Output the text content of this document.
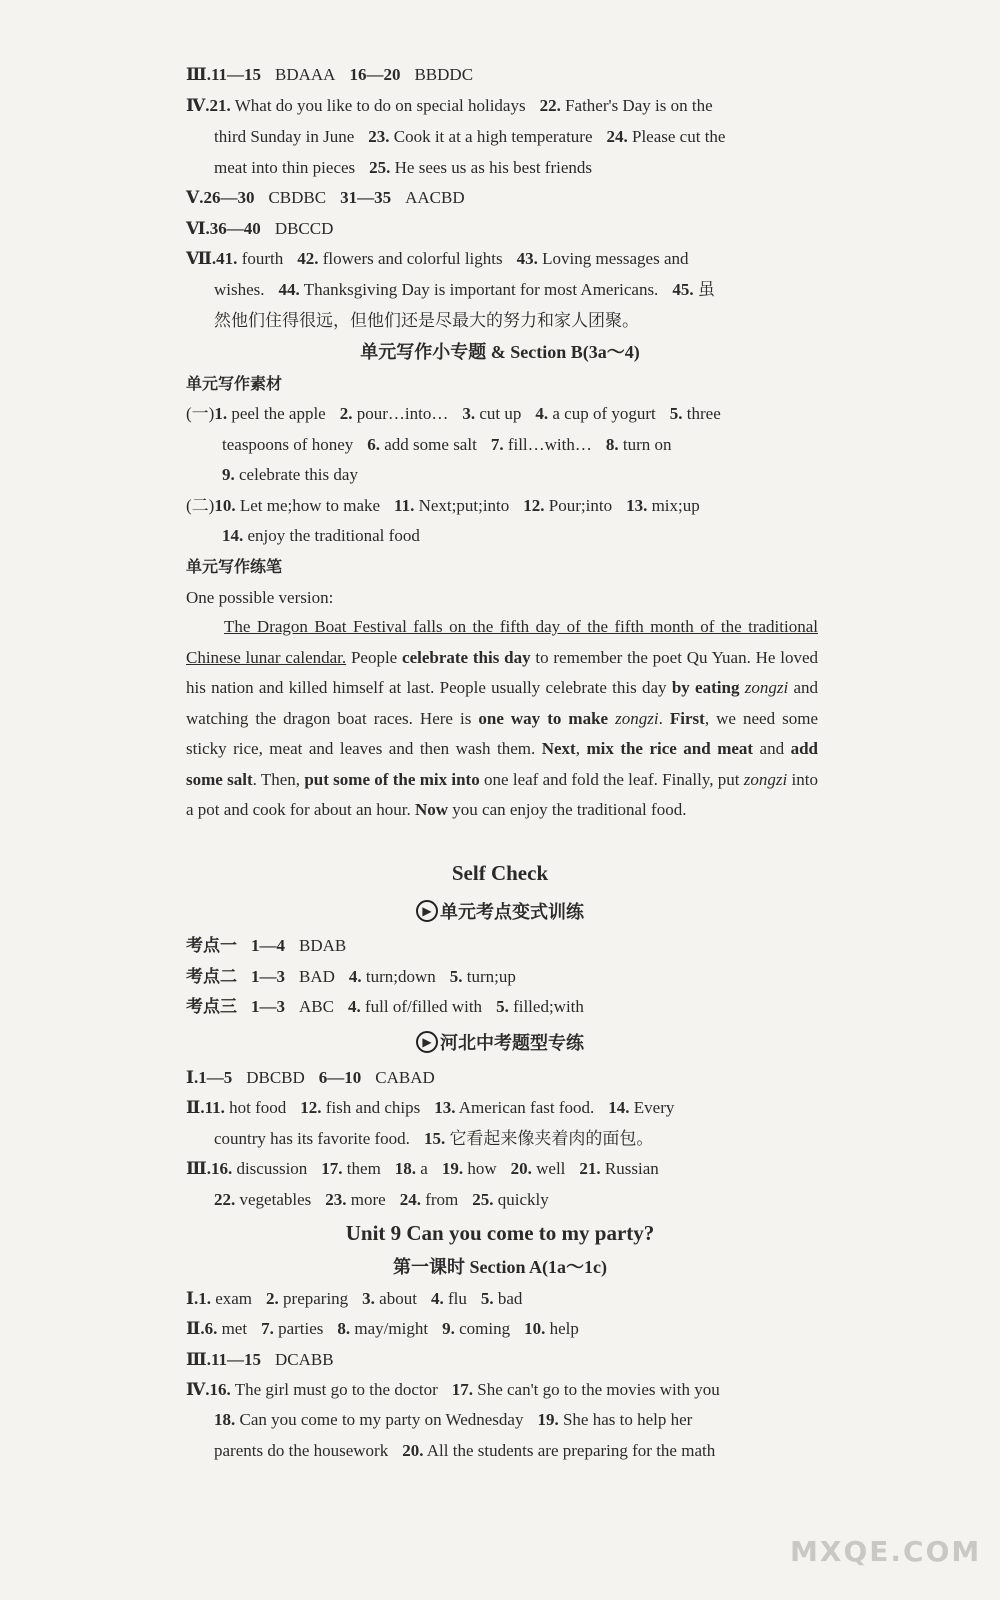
Ⅲ.11—15 BDAAA 16—20 BBDDC
Ⅳ.21. What do you like to do on special holidays 22. Father's Day is on the
third Sunday in June 23. Cook it at a high temperature 24. Please cut the
meat into thin pieces 25. He sees us as his best friends
Ⅴ.26—30 CBDBC 31—35 AACBD
Ⅵ.36—40 DBCCD
Ⅶ.41. fourth 42. flowers and colorful lights 43. Loving messages and
wishes. 44. Thanksgiving Day is important for most Americans. 45. 虽
然他们住得很远，但他们还是尽最大的努力和家人团聚。
(一)1. peel the apple 2. pour…into… 3. cut up 4. a cup of yogurt 5. three
teaspoons of honey 6. add some salt 7. fill…with… 8. turn on
9. celebrate this day
(二)10. Let me;how to make 11. Next;put;into 12. Pour;into 13. mix;up
14. enjoy the traditional food
One possible version:
考点一 1—4 BDAB
考点二 1—3 BAD 4. turn;down 5. turn;up
考点三 1—3 ABC 4. full of/filled with 5. filled;with
Ⅰ.1—5 DBCBD 6—10 CABAD
Ⅱ.11. hot food 12. fish and chips 13. American fast food. 14. Every
country has its favorite food. 15. 它看起来像夹着肉的面包。
Ⅲ.16. discussion 17. them 18. a 19. how 20. well 21. Russian
22. vegetables 23. more 24. from 25. quickly
Ⅰ.1. exam 2. preparing 3. about 4. flu 5. bad
Ⅱ.6. met 7. parties 8. may/might 9. coming 10. help
Ⅲ.11—15 DCABB
Ⅳ.16. The girl must go to the doctor 17. She can't go to the movies with you
18. Can you come to my party on Wednesday 19. She has to help her
parents do the housework 20. All the students are preparing for the math
单元写作小专题 & Section B(3a～4)
单元写作素材
单元写作练笔
The Dragon Boat Festival falls on the fifth day of the fifth month of the traditional Chinese lunar calendar. People celebrate this day to remember the poet Qu Yuan. He loved his nation and killed himself at last. People usually celebrate this day by eating zongzi and watching the dragon boat races. Here is one way to make zongzi. First, we need some sticky rice, meat and leaves and then wash them. Next, mix the rice and meat and add some salt. Then, put some of the mix into one leaf and fold the leaf. Finally, put zongzi into a pot and cook for about an hour. Now you can enjoy the traditional food.
Self Check
▶ 单元考点变式训练
▶ 河北中考题型专练
Unit 9 Can you come to my party?
第一课时 Section A(1a～1c)
MXQE.COM
